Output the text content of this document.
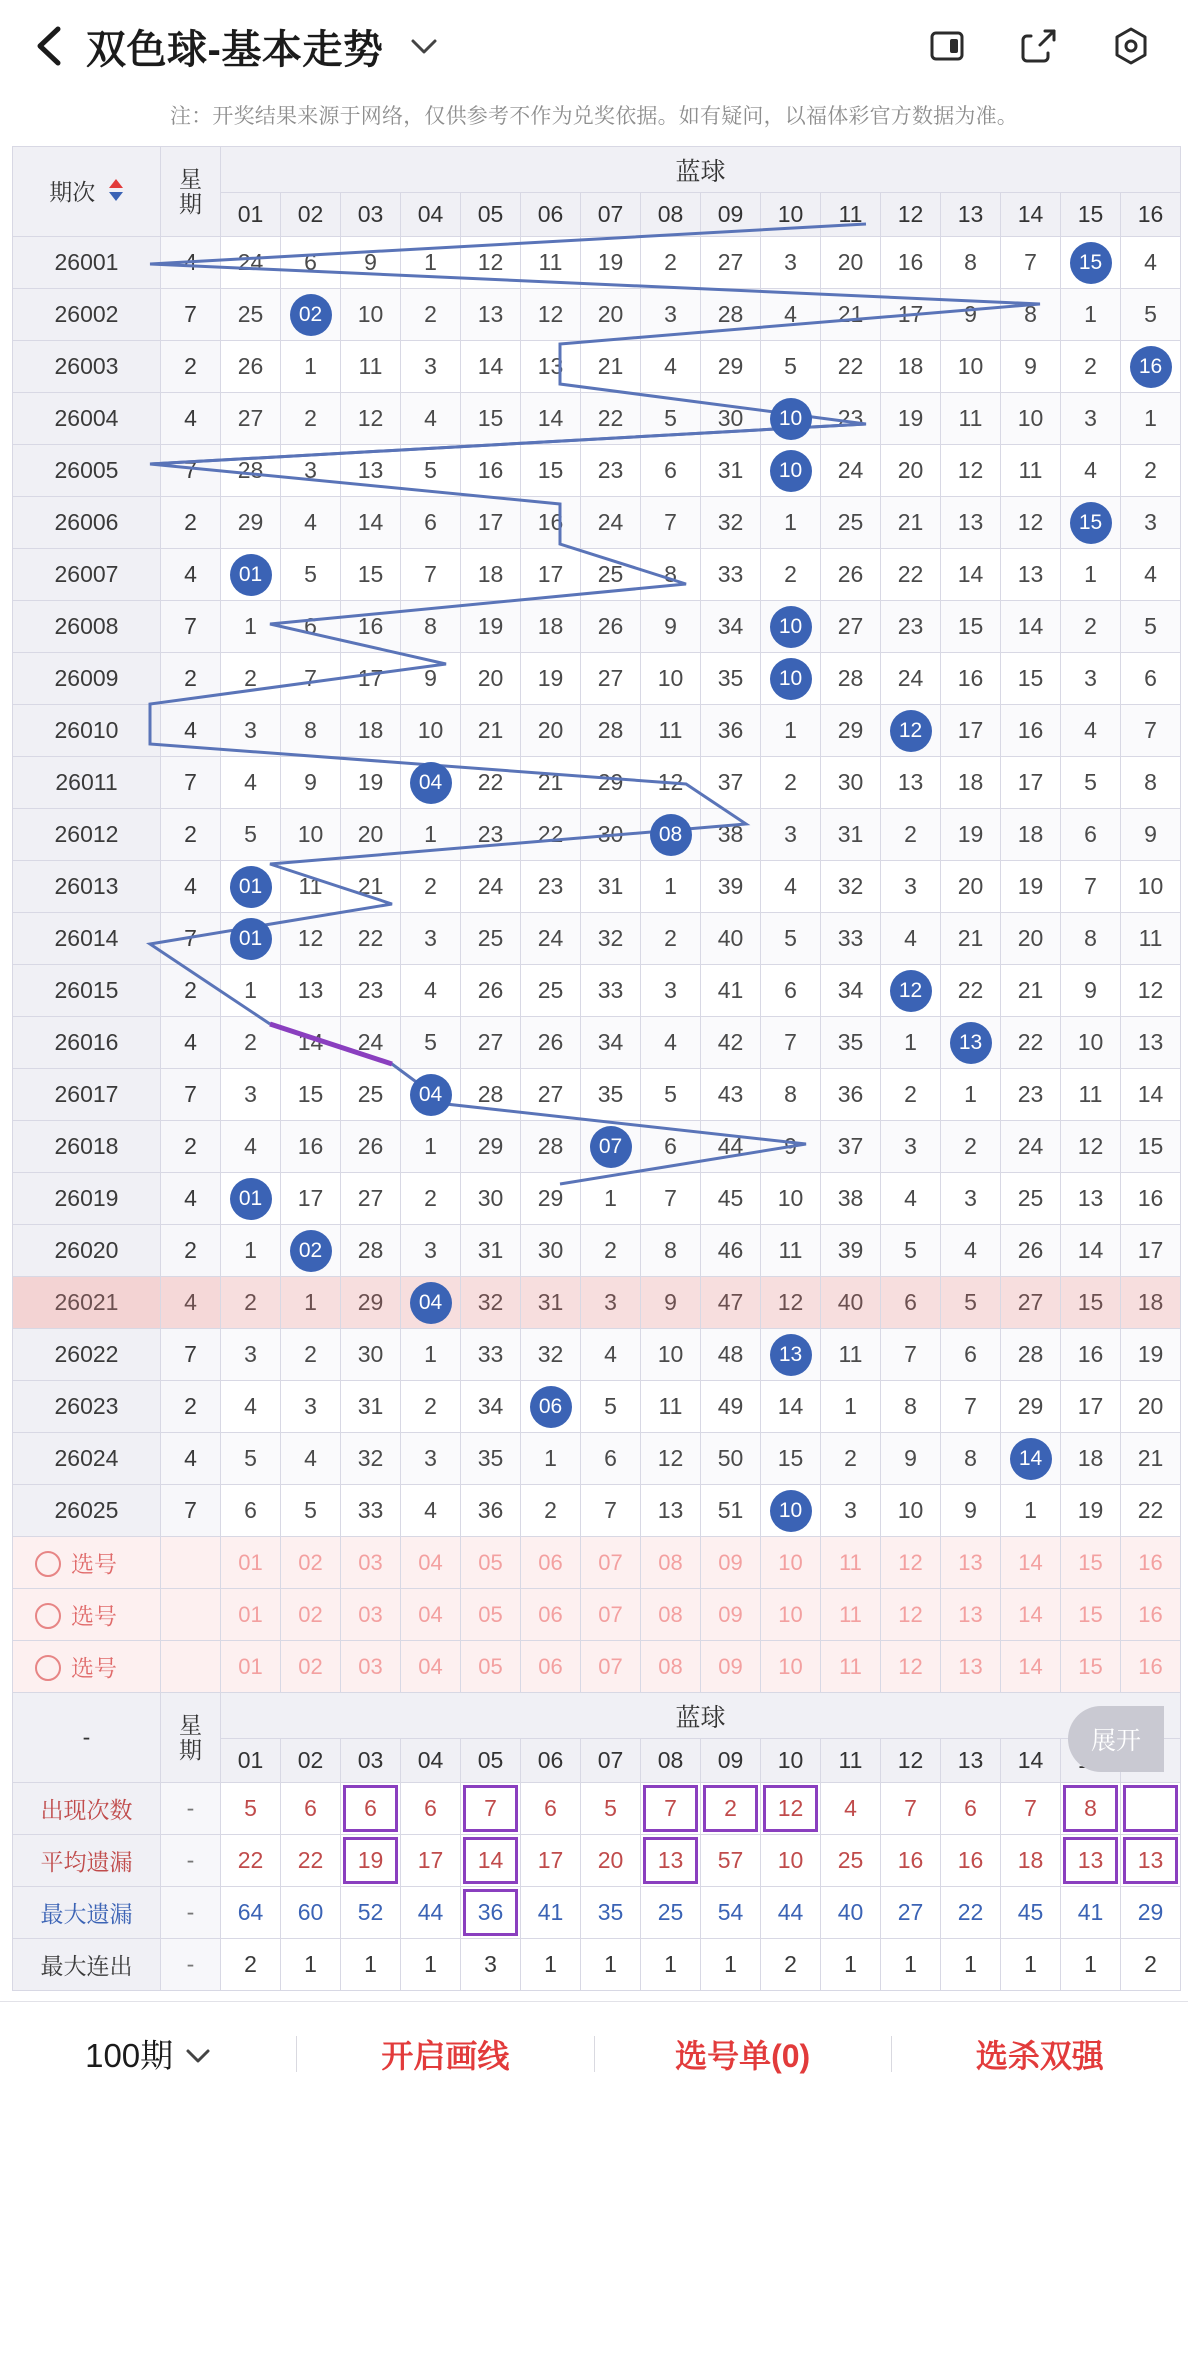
双色球-基本走势
注：开奖结果来源于网络，仅供参考不作为兑奖依据。如有疑问，以福体彩官方数据为准。
期次	星
期	蓝球															
		01	02	03	04	05	06	07	08	09	10	11	12	13	14	15	16
26001	4	24	6	9	1	12	11	19	2	27	3	20	16	8	7	15	4
26002	7	25	02	10	2	13	12	20	3	28	4	21	17	9	8	1	5
26003	2	26	1	11	3	14	13	21	4	29	5	22	18	10	9	2	16
26004	4	27	2	12	4	15	14	22	5	30	10	23	19	11	10	3	1
26005	7	28	3	13	5	16	15	23	6	31	10	24	20	12	11	4	2
26006	2	29	4	14	6	17	16	24	7	32	1	25	21	13	12	15	3
26007	4	01	5	15	7	18	17	25	8	33	2	26	22	14	13	1	4
26008	7	1	6	16	8	19	18	26	9	34	10	27	23	15	14	2	5
26009	2	2	7	17	9	20	19	27	10	35	10	28	24	16	15	3	6
26010	4	3	8	18	10	21	20	28	11	36	1	29	12	17	16	4	7
26011	7	4	9	19	04	22	21	29	12	37	2	30	13	18	17	5	8
26012	2	5	10	20	1	23	22	30	08	38	3	31	2	19	18	6	9
26013	4	01	11	21	2	24	23	31	1	39	4	32	3	20	19	7	10
26014	7	01	12	22	3	25	24	32	2	40	5	33	4	21	20	8	11
26015	2	1	13	23	4	26	25	33	3	41	6	34	12	22	21	9	12
26016	4	2	14	24	5	27	26	34	4	42	7	35	1	13	22	10	13
26017	7	3	15	25	04	28	27	35	5	43	8	36	2	1	23	11	14
26018	2	4	16	26	1	29	28	07	6	44	9	37	3	2	24	12	15
26019	4	01	17	27	2	30	29	1	7	45	10	38	4	3	25	13	16
26020	2	1	02	28	3	31	30	2	8	46	11	39	5	4	26	14	17
26021	4	2	1	29	04	32	31	3	9	47	12	40	6	5	27	15	18
26022	7	3	2	30	1	33	32	4	10	48	13	11	7	6	28	16	19
26023	2	4	3	31	2	34	06	5	11	49	14	1	8	7	29	17	20
26024	4	5	4	32	3	35	1	6	12	50	15	2	9	8	14	18	21
26025	7	6	5	33	4	36	2	7	13	51	10	3	10	9	1	19	22
选号		01	02	03	04	05	06	07	08	09	10	11	12	13	14	15	16
选号		01	02	03	04	05	06	07	08	09	10	11	12	13	14	15	16
选号		01	02	03	04	05	06	07	08	09	10	11	12	13	14	15	16
展开
-	星
期	蓝球															
		01	02	03	04	05	06	07	08	09	10	11	12	13	14		
出现次数	-	5	6	6	6	7	6	5	7	2	12	4	7	6	7	8	
平均遗漏	-	22	22	19	17	14	17	20	13	57	10	25	16	16	18	13	13
最大遗漏	-	64	60	52	44	36	41	35	25	54	44	40	27	22	45	41	29
最大连出	-	2	1	1	1	3	1	1	1	1	2	1	1	1	1	1	2
100期	开启画线	选号单(0)	选杀双强
